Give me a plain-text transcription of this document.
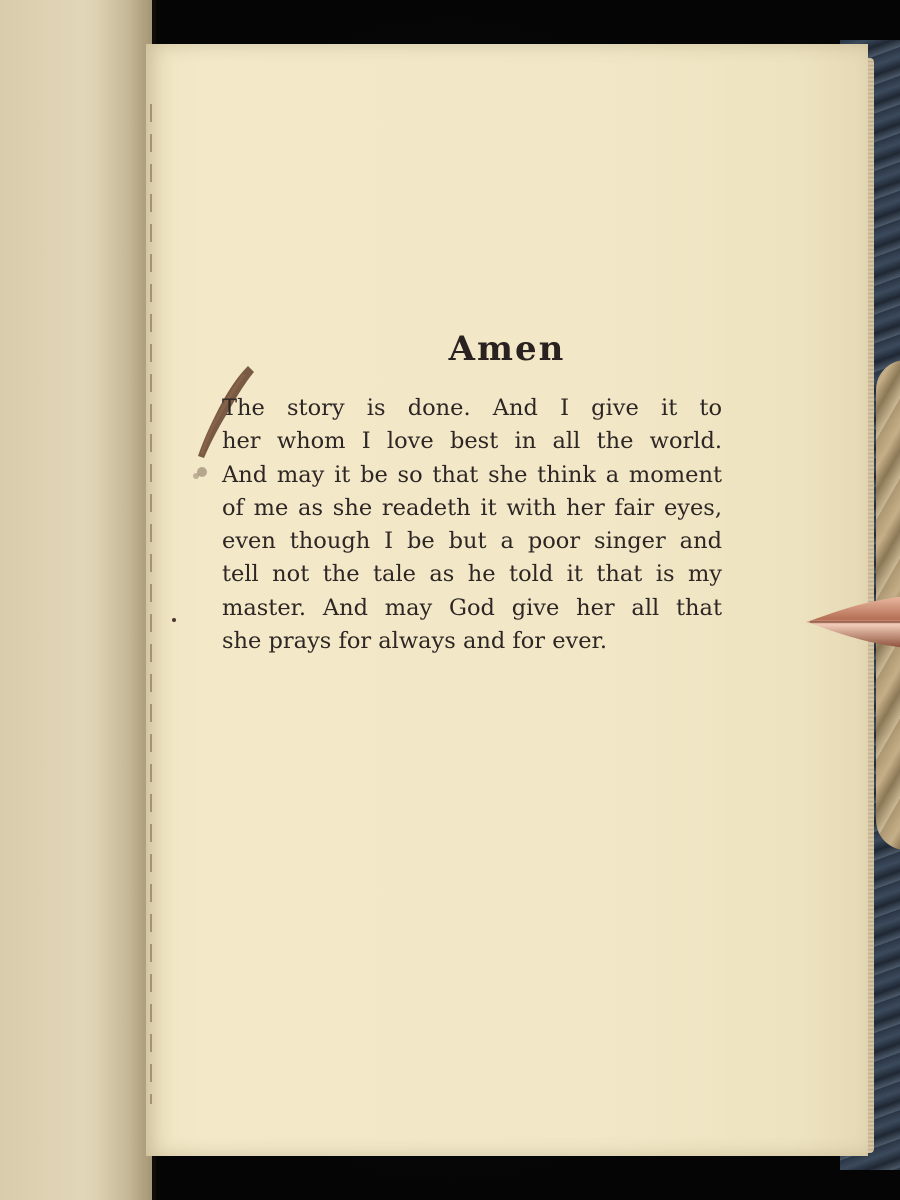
Amen
The story is done. And I give it to
her whom I love best in all the world.
And may it be so that she think a moment
of me as she readeth it with her fair eyes,
even though I be but a poor singer and
tell not the tale as he told it that is my
master. And may God give her all that
she prays for always and for ever.
